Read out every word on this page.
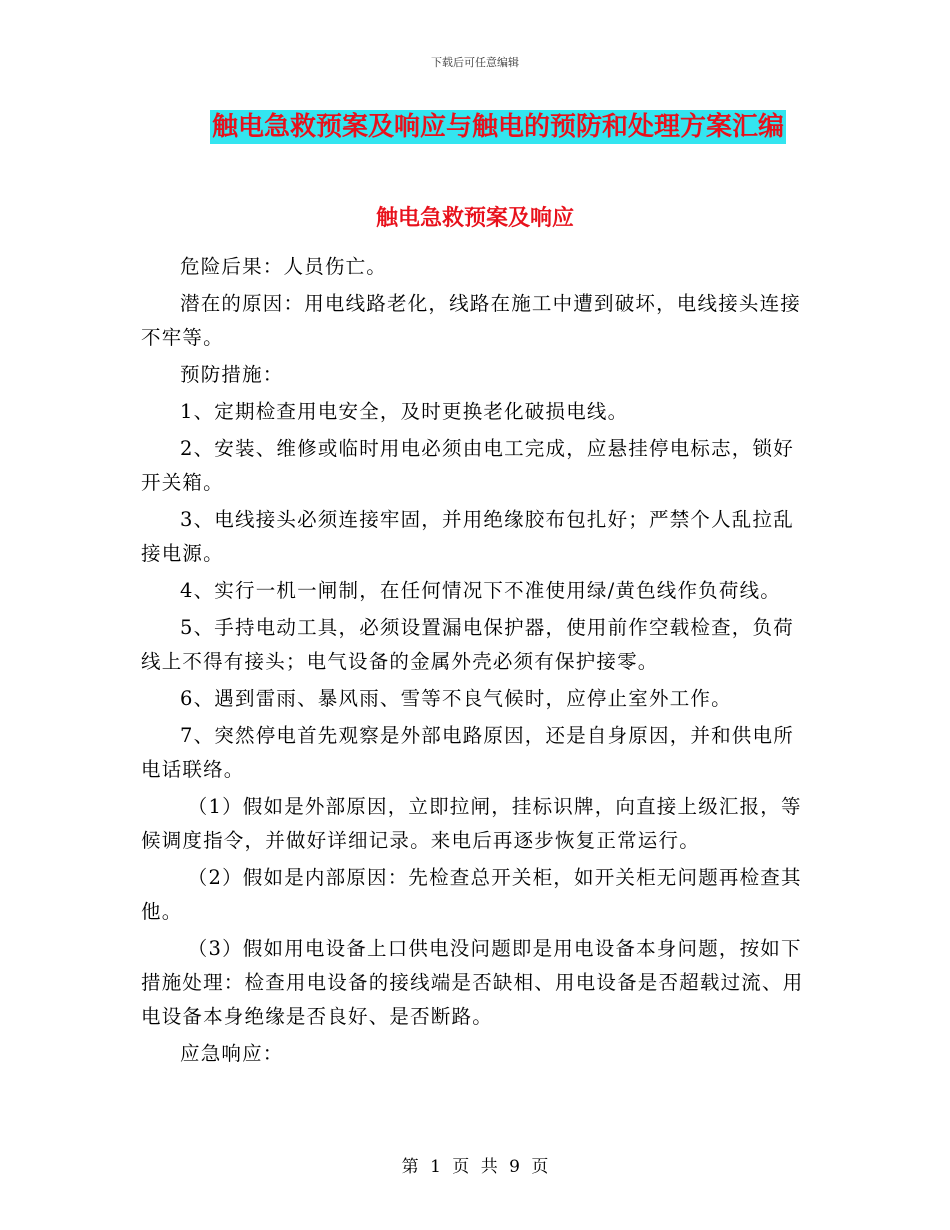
下载后可任意编辑
触电急救预案及响应与触电的预防和处理方案汇编
触电急救预案及响应

危险后果：人员伤亡。

潜在的原因：用电线路老化，线路在施工中遭到破坏，电线接头连接不牢等。

预防措施：

1、定期检查用电安全，及时更换老化破损电线。

2、安装、维修或临时用电必须由电工完成，应悬挂停电标志，锁好开关箱。

3、电线接头必须连接牢固，并用绝缘胶布包扎好；严禁个人乱拉乱接电源。

4、实行一机一闸制，在任何情况下不准使用绿/黄色线作负荷线。

5、手持电动工具，必须设置漏电保护器，使用前作空载检查，负荷线上不得有接头；电气设备的金属外壳必须有保护接零。

6、遇到雷雨、暴风雨、雪等不良气候时，应停止室外工作。

7、突然停电首先观察是外部电路原因，还是自身原因，并和供电所电话联络。

（1）假如是外部原因，立即拉闸，挂标识牌，向直接上级汇报，等候调度指令，并做好详细记录。来电后再逐步恢复正常运行。

（2）假如是内部原因：先检查总开关柜，如开关柜无问题再检查其他。

（3）假如用电设备上口供电没问题即是用电设备本身问题，按如下措施处理：检查用电设备的接线端是否缺相、用电设备是否超载过流、用电设备本身绝缘是否良好、是否断路。

应急响应：

第 1 页 共 9 页
